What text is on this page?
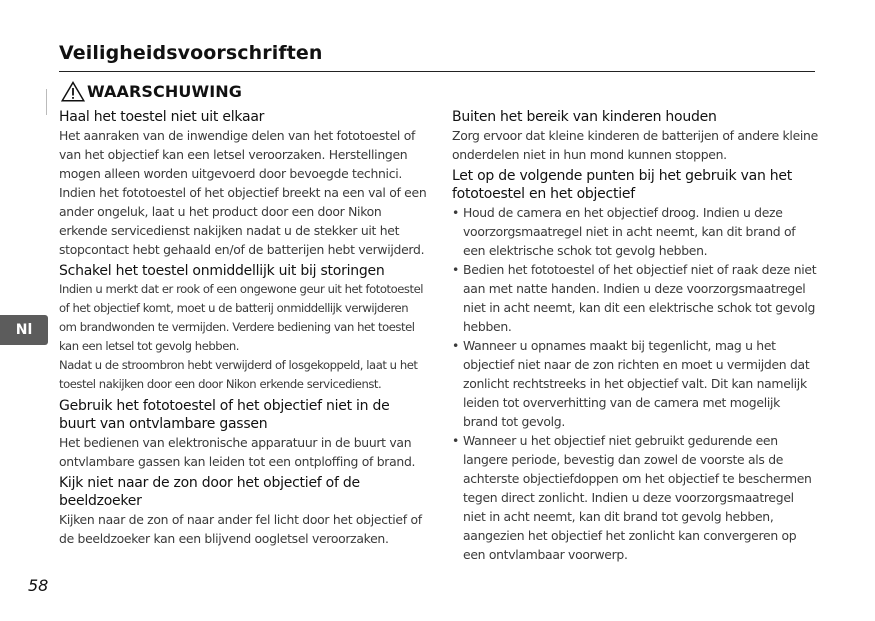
Veiligheidsvoorschriften
WAARSCHUWING
Haal het toestel niet uit elkaar
Het aanraken van de inwendige delen van het fototoestel of van het objectief kan een letsel veroorzaken. Herstellingen mogen alleen worden uitgevoerd door bevoegde technici. Indien het fototoestel of het objectief breekt na een val of een ander ongeluk, laat u het product door een door Nikon erkende servicedienst nakijken nadat u de stekker uit het stopcontact hebt gehaald en/of de batterijen hebt verwijderd.
Schakel het toestel onmiddellijk uit bij storingen
Indien u merkt dat er rook of een ongewone geur uit het fototoestel of het objectief komt, moet u de batterij onmiddellijk verwijderen om brandwonden te vermijden. Verdere bediening van het toestel kan een letsel tot gevolg hebben.
Nadat u de stroombron hebt verwijderd of losgekoppeld, laat u het toestel nakijken door een door Nikon erkende servicedienst.
Gebruik het fototoestel of het objectief niet in de buurt van ontvlambare gassen
Het bedienen van elektronische apparatuur in de buurt van ontvlambare gassen kan leiden tot een ontploffing of brand.
Kijk niet naar de zon door het objectief of de beeldzoeker
Kijken naar de zon of naar ander fel licht door het objectief of de beeldzoeker kan een blijvend oogletsel veroorzaken.
Buiten het bereik van kinderen houden
Zorg ervoor dat kleine kinderen de batterijen of andere kleine onderdelen niet in hun mond kunnen stoppen.
Let op de volgende punten bij het gebruik van het fototoestel en het objectief
• Houd de camera en het objectief droog. Indien u deze voorzorgsmaatregel niet in acht neemt, kan dit brand of een elektrische schok tot gevolg hebben.
• Bedien het fototoestel of het objectief niet of raak deze niet aan met natte handen. Indien u deze voorzorgsmaatregel niet in acht neemt, kan dit een elektrische schok tot gevolg hebben.
• Wanneer u opnames maakt bij tegenlicht, mag u het objectief niet naar de zon richten en moet u vermijden dat zonlicht rechtstreeks in het objectief valt. Dit kan namelijk leiden tot oververhitting van de camera met mogelijk brand tot gevolg.
• Wanneer u het objectief niet gebruikt gedurende een langere periode, bevestig dan zowel de voorste als de achterste objectiefdoppen om het objectief te beschermen tegen direct zonlicht. Indien u deze voorzorgsmaatregel niet in acht neemt, kan dit brand tot gevolg hebben, aangezien het objectief het zonlicht kan convergeren op een ontvlambaar voorwerp.
Nl
58
